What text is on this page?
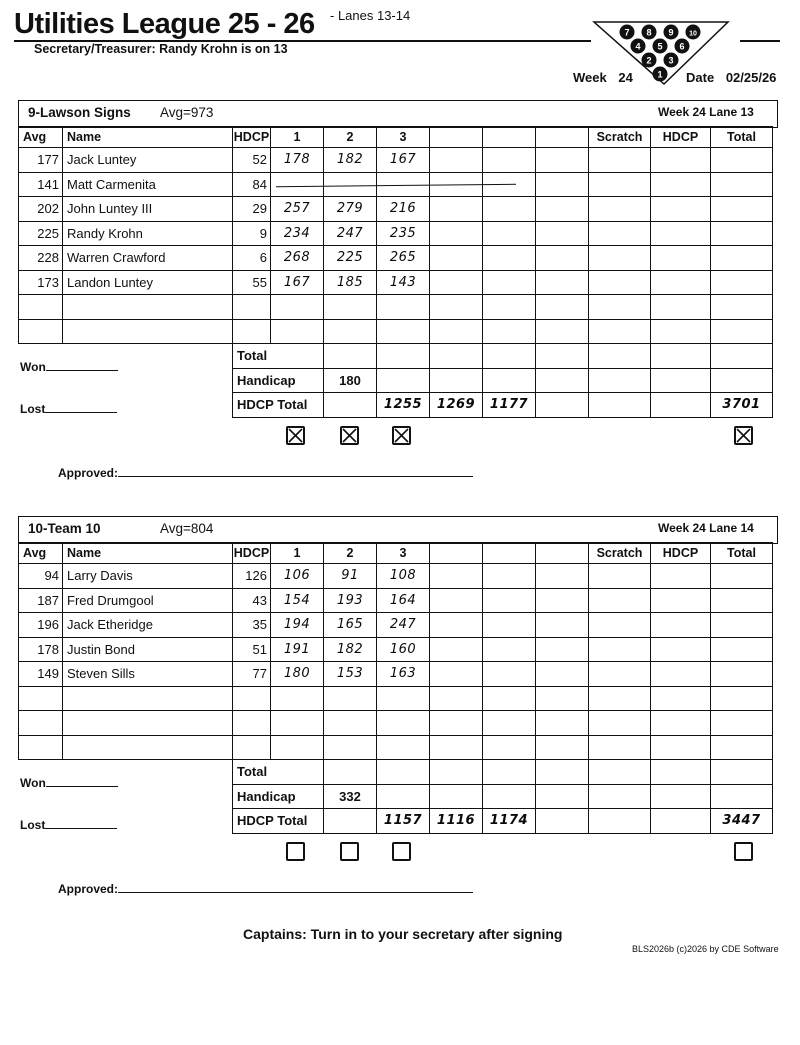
Utilities League 25 - 26 - Lanes 13-14
Secretary/Treasurer: Randy Krohn is on 13
7 8 9 10
4 5 6
2 3
1
Week 24	Date 02/25/26
9-Lawson Signs Avg=973	Week 24 Lane 13
Avg	Name	HDCP	1	2	3				Scratch	HDCP	Total
177	Jack Luntey	52	178	182	167						
141	Matt Carmenita	84									
202	John Luntey III	29	257	279	216						
225	Randy Krohn	9	234	247	235						
228	Warren Crawford	6	268	225	265						
173	Landon Luntey	55	167	185	143						

		Total									
		Handicap		180							
		HDCP Total			1255	1269	1177				3701
Won
Lost
Approved:
10-Team 10	Avg=804	Week 24 Lane 14
Avg	Name	HDCP	1	2	3				Scratch	HDCP	Total
94	Larry Davis	126	106	91	108						
187	Fred Drumgool	43	154	193	164						
196	Jack Etheridge	35	194	165	247						
178	Justin Bond	51	191	182	160						
149	Steven Sills	77	180	153	163						

		Total									
		Handicap		332							
		HDCP Total			1157	1116	1174				3447
Won
Lost
Approved:
Captains: Turn in to your secretary after signing
BLS2026b (c)2026 by CDE Software
